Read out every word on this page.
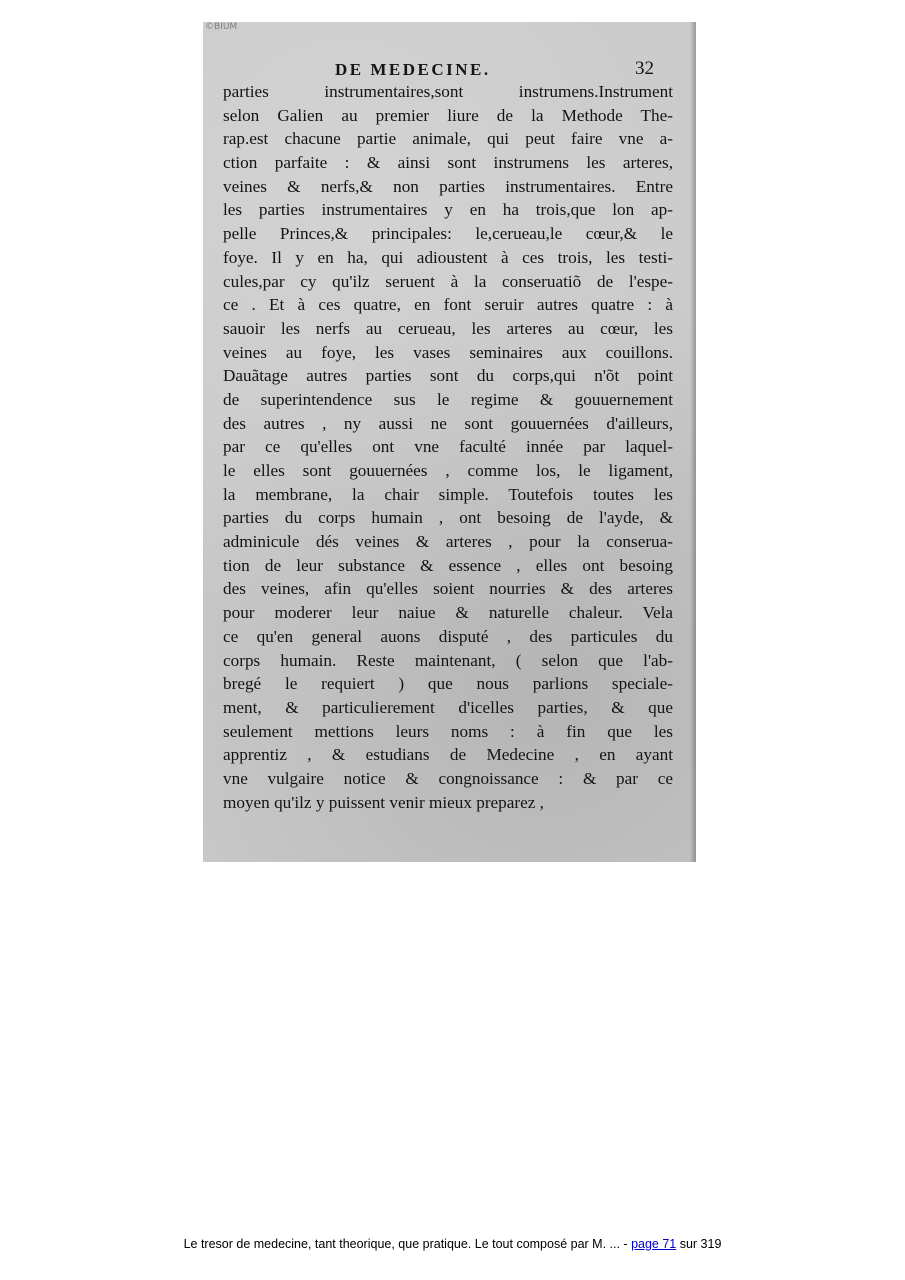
©BIUM
DE MEDECINE.	32
parties instrumentaires,sont instrumens.Instrument
selon Galien au premier liure de la Methode The-
rap.est chacune partie animale, qui peut faire vne a-
ction parfaite : & ainsi sont instrumens les arteres,
veines & nerfs,& non parties instrumentaires. Entre
les parties instrumentaires y en ha trois,que lon ap-
pelle Princes,& principales: le,cerueau,le cœur,& le
foye. Il y en ha, qui adioustent à ces trois, les testi-
cules,par cy qu'ilz seruent à la conseruatiõ de l'espe-
ce . Et à ces quatre, en font seruir autres quatre : à
sauoir les nerfs au cerueau, les arteres au cœur, les
veines au foye, les vases seminaires aux couillons.
Dauãtage autres parties sont du corps,qui n'õt point
de superintendence sus le regime & gouuernement
des autres , ny aussi ne sont gouuernées d'ailleurs,
par ce qu'elles ont vne faculté innée par laquel-
le elles sont gouuernées , comme los, le ligament,
la membrane, la chair simple. Toutefois toutes les
parties du corps humain , ont besoing de l'ayde, &
adminicule dés veines & arteres , pour la conserua-
tion de leur substance & essence , elles ont besoing
des veines, afin qu'elles soient nourries & des arteres
pour moderer leur naiue & naturelle chaleur. Vela
ce qu'en general auons disputé , des particules du
corps humain. Reste maintenant, ( selon que l'ab-
bregé le requiert ) que nous parlions speciale-
ment, & particulierement d'icelles parties, & que
seulement mettions leurs noms : à fin que les
apprentiz , & estudians de Medecine , en ayant
vne vulgaire notice & congnoissance : & par ce
moyen qu'ilz y puissent venir mieux preparez ,
Le tresor de medecine, tant theorique, que pratique. Le tout composé par M. ... - page 71 sur 319
